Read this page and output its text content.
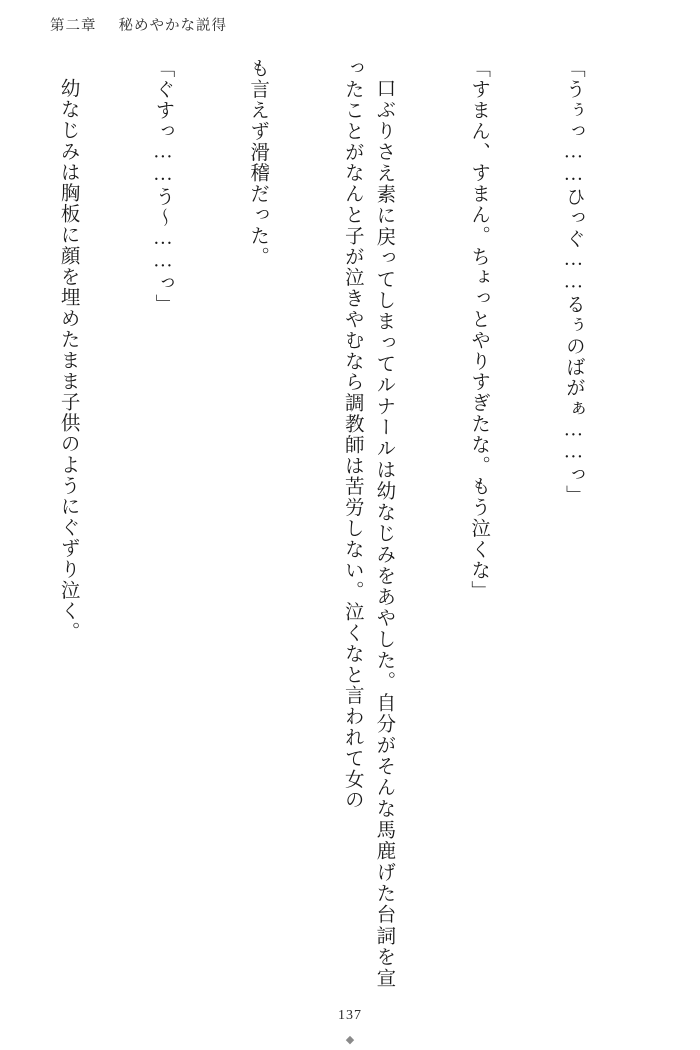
第二章 秘めやかな説得

「うぅっ……ひっぐ……るぅのばがぁ……っ」

「すまん、すまん。ちょっとやりすぎたな。もう泣くな」

口ぶりさえ素に戻ってしまってルナールは幼なじみをあやした。自分がそんな馬鹿げた台詞を宣ったことがなんと子が泣きやむなら調教師は苦労しない。泣くなと言われて女の

も言えず滑稽だった。

「ぐすっ……う～……っ」

幼なじみは胸板に顔を埋めたまま子供のようにぐずり泣く。

137
◆
